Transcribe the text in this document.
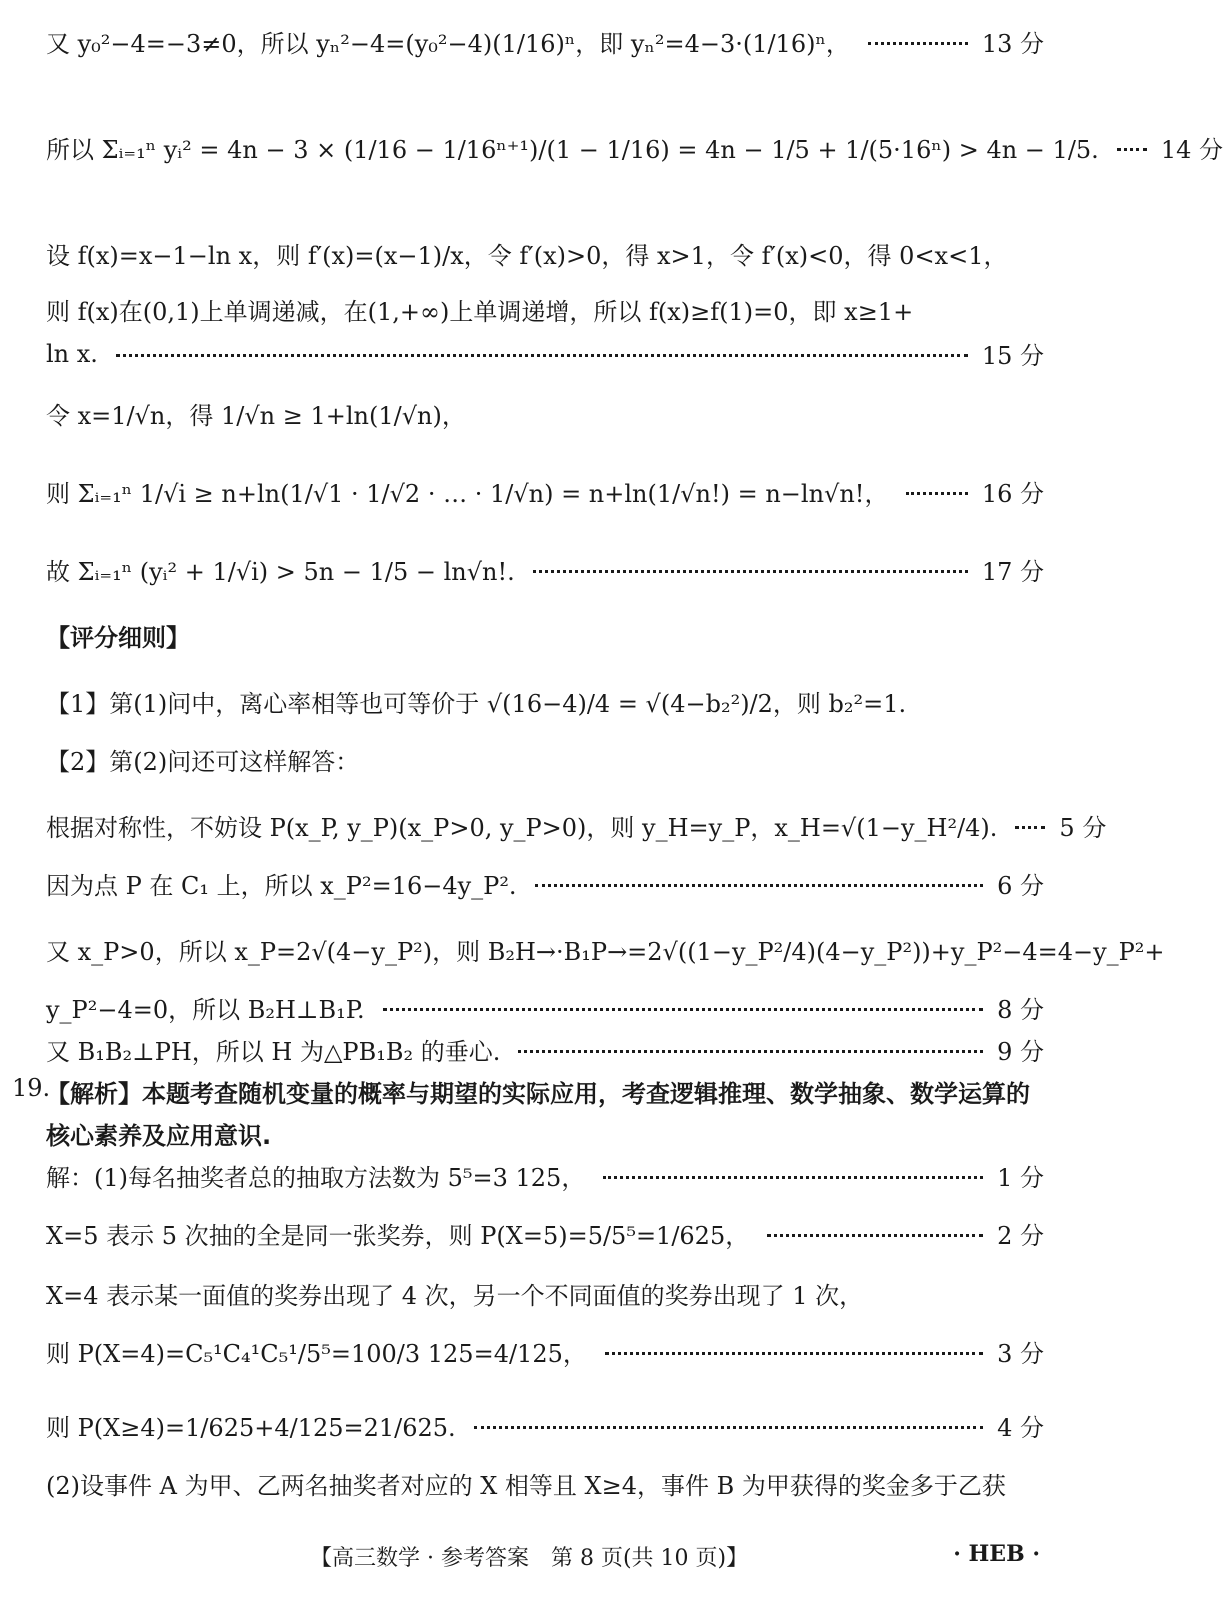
又 y₀²−4=−3≠0，所以 yₙ²−4=(y₀²−4)(1/16)ⁿ，即 yₙ²=4−3·(1/16)ⁿ，	13 分
所以 Σᵢ₌₁ⁿ yᵢ² = 4n − 3 × (1/16 − 1/16ⁿ⁺¹)/(1 − 1/16) = 4n − 1/5 + 1/(5·16ⁿ) > 4n − 1/5.	14 分
设 f(x)=x−1−ln x，则 f′(x)=(x−1)/x，令 f′(x)>0，得 x>1，令 f′(x)<0，得 0<x<1，
则 f(x)在(0,1)上单调递减，在(1,+∞)上单调递增，所以 f(x)≥f(1)=0，即 x≥1+
ln x.	15 分
令 x=1/√n，得 1/√n ≥ 1+ln(1/√n)，
则 Σᵢ₌₁ⁿ 1/√i ≥ n+ln(1/√1 · 1/√2 · … · 1/√n) = n+ln(1/√n!) = n−ln√n!，	16 分
故 Σᵢ₌₁ⁿ (yᵢ² + 1/√i) > 5n − 1/5 − ln√n!.	17 分
【评分细则】
【1】第(1)问中，离心率相等也可等价于 √(16−4)/4 = √(4−b₂²)/2，则 b₂²=1.
【2】第(2)问还可这样解答：
根据对称性，不妨设 P(x_P, y_P)(x_P>0, y_P>0)，则 y_H=y_P，x_H=√(1−y_H²/4).	5 分
因为点 P 在 C₁ 上，所以 x_P²=16−4y_P².	6 分
又 x_P>0，所以 x_P=2√(4−y_P²)，则 B₂H→·B₁P→=2√((1−y_P²/4)(4−y_P²))+y_P²−4=4−y_P²+
y_P²−4=0，所以 B₂H⊥B₁P.	8 分
又 B₁B₂⊥PH，所以 H 为△PB₁B₂ 的垂心.	9 分
19.
【解析】本题考查随机变量的概率与期望的实际应用，考查逻辑推理、数学抽象、数学运算的
核心素养及应用意识.
解：(1)每名抽奖者总的抽取方法数为 5⁵=3 125，	1 分
X=5 表示 5 次抽的全是同一张奖券，则 P(X=5)=5/5⁵=1/625，	2 分
X=4 表示某一面值的奖券出现了 4 次，另一个不同面值的奖券出现了 1 次，
则 P(X=4)=C₅¹C₄¹C₅¹/5⁵=100/3 125=4/125，	3 分
则 P(X≥4)=1/625+4/125=21/625.	4 分
(2)设事件 A 为甲、乙两名抽奖者对应的 X 相等且 X≥4，事件 B 为甲获得的奖金多于乙获
【高三数学 · 参考答案　第 8 页(共 10 页)】	· HEB ·
